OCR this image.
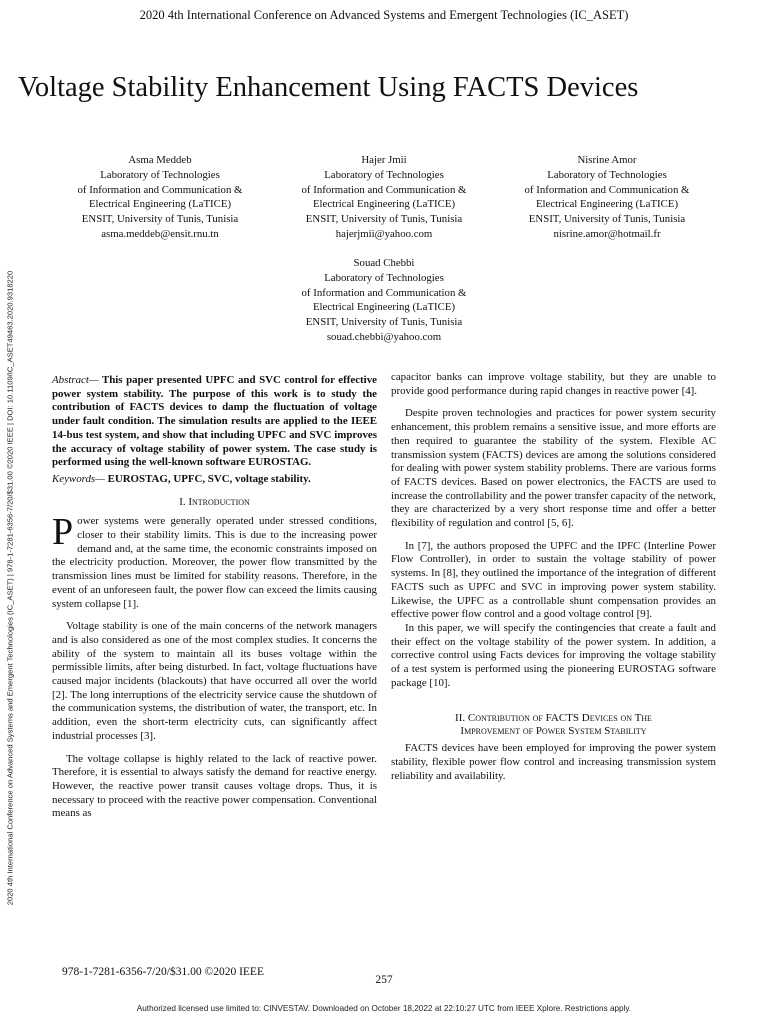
2020 4th International Conference on Advanced Systems and Emergent Technologies (IC_ASET)
Voltage Stability Enhancement Using FACTS Devices
2020 4th International Conference on Advanced Systems and Emergent Technologies (IC_ASET) | 978-1-7281-6356-7/20/$31.00 ©2020 IEEE | DOI: 10.1109/IC_ASET49463.2020.9318220
Asma Meddeb
Laboratory of Technologies
of Information and Communication &
Electrical Engineering (LaTICE)
ENSIT, University of Tunis, Tunisia
asma.meddeb@ensit.rnu.tn
Hajer Jmii
Laboratory of Technologies
of Information and Communication &
Electrical Engineering (LaTICE)
ENSIT, University of Tunis, Tunisia
hajerjmii@yahoo.com
Nisrine Amor
Laboratory of Technologies
of Information and Communication &
Electrical Engineering (LaTICE)
ENSIT, University of Tunis, Tunisia
nisrine.amor@hotmail.fr
Souad Chebbi
Laboratory of Technologies
of Information and Communication &
Electrical Engineering (LaTICE)
ENSIT, University of Tunis, Tunisia
souad.chebbi@yahoo.com

Abstract— This paper presented UPFC and SVC control for effective power system stability. The purpose of this work is to study the contribution of FACTS devices to damp the fluctuation of voltage under fault condition. The simulation results are applied to the IEEE 14-bus test system, and show that including UPFC and SVC improves the accuracy of voltage stability of power system. The case study is performed using the well-known software EUROSTAG.

Keywords— EUROSTAG, UPFC, SVC, voltage stability.

I. Introduction

Power systems were generally operated under stressed conditions, closer to their stability limits. This is due to the increasing power demand and, at the same time, the economic constraints imposed on the electricity production. Moreover, the power flow transmitted by the transmission lines must be limited for stability reasons. Therefore, in the event of an unforeseen fault, the power flow can exceed the limits causing system collapse [1].

Voltage stability is one of the main concerns of the network managers and is also considered as one of the most complex studies. It concerns the ability of the system to maintain all its buses voltage within the permissible limits, after being disturbed. In fact, voltage fluctuations have caused major incidents (blackouts) that have occurred all over the world [2]. The long interruptions of the electricity service cause the shutdown of the communication systems, the distribution of water, the transport, etc. In addition, even the short-term electricity cuts, can significantly affect industrial processes [3].

The voltage collapse is highly related to the lack of reactive power. Therefore, it is essential to always satisfy the demand for reactive energy. However, the reactive power transit causes voltage drops. Thus, it is necessary to proceed with the reactive power compensation. Conventional means as

capacitor banks can improve voltage stability, but they are unable to provide good performance during rapid changes in reactive power [4].

Despite proven technologies and practices for power system security enhancement, this problem remains a sensitive issue, and more efforts are then required to guarantee the stability of the system. Flexible AC transmission system (FACTS) devices are among the solutions considered for dealing with power system stability problems. There are various forms of FACTS devices. Based on power electronics, the FACTS are used to increase the controllability and the power transfer capacity of the network, they are characterized by a very short response time and offer a better flexibility of regulation and control [5, 6].

In [7], the authors proposed the UPFC and the IPFC (Interline Power Flow Controller), in order to sustain the voltage stability of power systems. In [8], they outlined the importance of the integration of different FACTS such as UPFC and SVC in improving power system stability. Likewise, the UPFC as a controllable shunt compensation provides an effective power flow control and a good voltage control [9].

In this paper, we will specify the contingencies that create a fault and their effect on the voltage stability of the power system. In addition, a corrective control using Facts devices for improving the voltage stability of a test system is performed using the pioneering EUROSTAG software package [10].

II. Contribution of FACTS Devices on The
Improvement of Power System Stability

FACTS devices have been employed for improving the power system stability, flexible power flow control and increasing transmission system reliability and availability.

978-1-7281-6356-7/20/$31.00 ©2020 IEEE
257
Authorized licensed use limited to: CINVESTAV. Downloaded on October 18,2022 at 22:10:27 UTC from IEEE Xplore. Restrictions apply.
